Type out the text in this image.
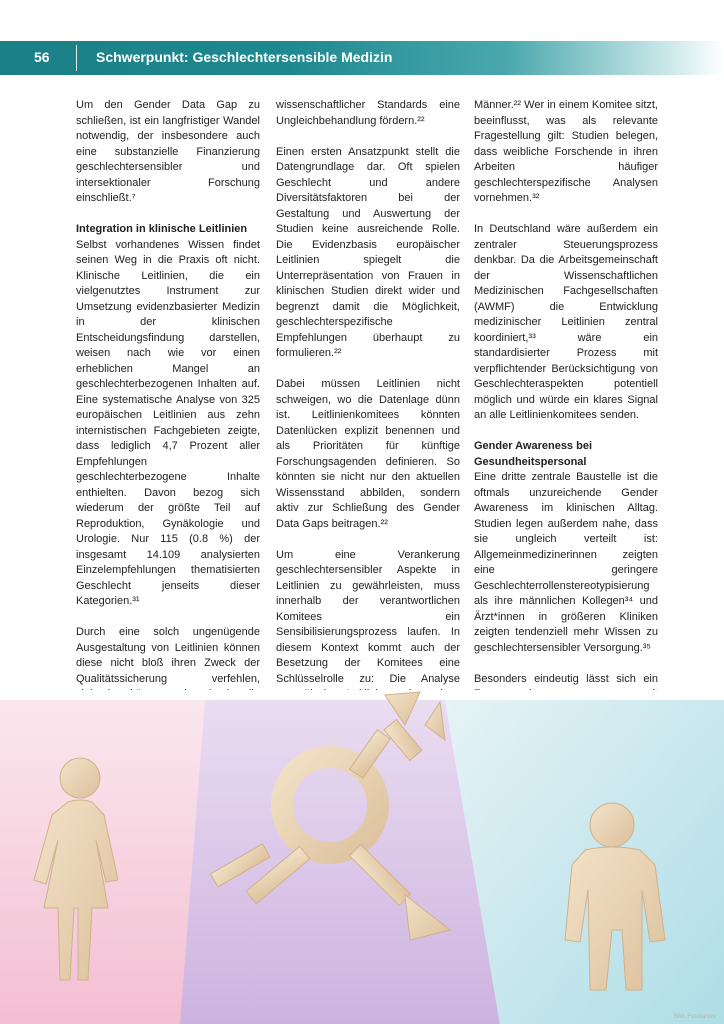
56	Schwerpunkt: Geschlechtersensible Medizin

Um den Gender Data Gap zu schließen, ist ein langfristiger Wandel notwendig, der insbesondere auch eine substanzielle Finanzierung geschlechtersensibler und intersektionaler Forschung einschließt.⁷

Integration in klinische Leitlinien

Selbst vorhandenes Wissen findet seinen Weg in die Praxis oft nicht. Klinische Leitlinien, die ein vielgenutztes Instrument zur Umsetzung evidenzbasierter Medizin in der klinischen Entscheidungsfindung darstellen, weisen nach wie vor einen erheblichen Mangel an geschlechterbezogenen Inhalten auf. Eine systematische Analyse von 325 europäischen Leitlinien aus zehn internistischen Fachgebieten zeigte, dass lediglich 4,7 Prozent aller Empfehlungen geschlechterbezogene Inhalte enthielten. Davon bezog sich wiederum der größte Teil auf Reproduktion, Gynäkologie und Urologie. Nur 115 (0.8 %) der insgesamt 14.109 analysierten Einzelempfehlungen thematisierten Geschlecht jenseits dieser Kategorien.³¹

Durch eine solch ungenügende Ausgestaltung von Leitlinien können diese nicht bloß ihren Zweck der Qualitätssicherung verfehlen,

wissenschaftlicher Standards eine Ungleichbehandlung fördern.²²

Einen ersten Ansatzpunkt stellt die Datengrundlage dar. Oft spielen Geschlecht und andere Diversitätsfaktoren bei der Gestaltung und Auswertung der Studien keine ausreichende Rolle. Die Evidenzbasis europäischer Leitlinien spiegelt die Unterrepräsentation von Frauen in klinischen Studien direkt wider und begrenzt damit die Möglichkeit, geschlechterspezifische Empfehlungen überhaupt zu formulieren.²²

Dabei müssen Leitlinien nicht schweigen, wo die Datenlage dünn ist. Leitlinienkomitees könnten Datenlücken explizit benennen und als Prioritäten für künftige Forschungsagenden definieren. So könnten sie nicht nur den aktuellen Wissensstand abbilden, sondern aktiv zur Schließung des Gender Data Gaps beitragen.²²

Um eine Verankerung geschlechtersensibler Aspekte in Leitlinien zu gewährleisten, muss innerhalb der verantwortlichen Komitees ein Sensibilisierungsprozess laufen. In diesem Kontext kommt auch der Besetzung der Komitees eine Schlüsselrolle zu: Die Analyse

Männer.²² Wer in einem Komitee sitzt, beeinflusst, was als relevante Fragestellung gilt: Studien belegen, dass weibliche Forschende in ihren Arbeiten häufiger geschlechterspezifische Analysen vornehmen.³²

In Deutschland wäre außerdem ein zentraler Steuerungsprozess denkbar. Da die Arbeitsgemeinschaft der Wissenschaftlichen Medizinischen Fachgesellschaften (AWMF) die Entwicklung medizinischer Leitlinien zentral koordiniert,³³ wäre ein standardisierter Prozess mit verpflichtender Berücksichtigung von Geschlechteraspekten potentiell möglich und würde ein klares Signal an alle Leitlinienkomitees senden.

Gender Awareness bei Gesundheitspersonal

Eine dritte zentrale Baustelle ist die oftmals unzureichende Gender Awareness im klinischen Alltag. Studien legen außerdem nahe, dass sie ungleich verteilt ist: Allgemeinmedizinerinnen zeigten eine geringere Geschlechterrollenstereotypisierung als ihre männlichen Kollegen³⁴ und Ärzt*innen in größeren Kliniken zeigten tendenziell mehr Wissen zu geschlechtersensibler Versorgung.³⁵

Besonders eindeutig lässt sich ein

Bild: Fotolia/xxx
